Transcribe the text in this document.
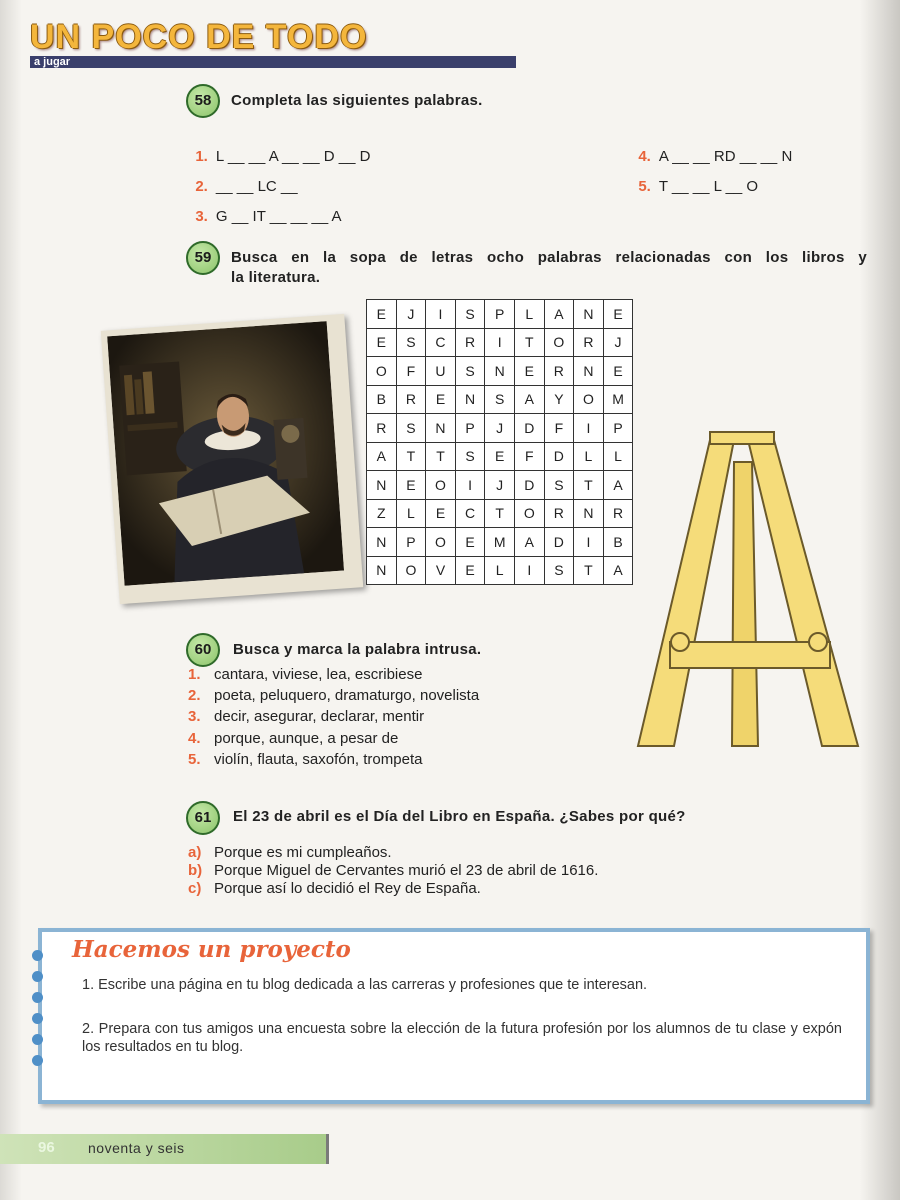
UN POCO DE TODO
a jugar
58	Completa las siguientes palabras.

1. L __ __ A __ __ D __ D

2. __ __ LC __

3. G __ IT __ __ __ A

4. A __ __ RD __ __ N

5. T __ __ L __ O

59	Busca en la sopa de letras ocho palabras relacionadas con los libros y
la literatura.
E	J	I	S	P	L	A	N	E
E	S	C	R	I	T	O	R	J
O	F	U	S	N	E	R	N	E
B	R	E	N	S	A	Y	O	M
R	S	N	P	J	D	F	I	P
A	T	T	S	E	F	D	L	L
N	E	O	I	J	D	S	T	A
Z	L	E	C	T	O	R	N	R
N	P	O	E	M	A	D	I	B
N	O	V	E	L	I	S	T	A
60	Busca y marca la palabra intrusa.
1. cantara, viviese, lea, escribiese
2. poeta, peluquero, dramaturgo, novelista
3. decir, asegurar, declarar, mentir
4. porque, aunque, a pesar de
5. violín, flauta, saxofón, trompeta
61	El 23 de abril es el Día del Libro en España. ¿Sabes por qué?
a) Porque es mi cumpleaños.
b) Porque Miguel de Cervantes murió el 23 de abril de 1616.
c) Porque así lo decidió el Rey de España.
Hacemos un proyecto
1. Escribe una página en tu blog dedicada a las carreras y profesiones que te interesan.
2. Prepara con tus amigos una encuesta sobre la elección de la futura profesión por los alumnos de tu clase y expón los resultados en tu blog.
96 noventa y seis
